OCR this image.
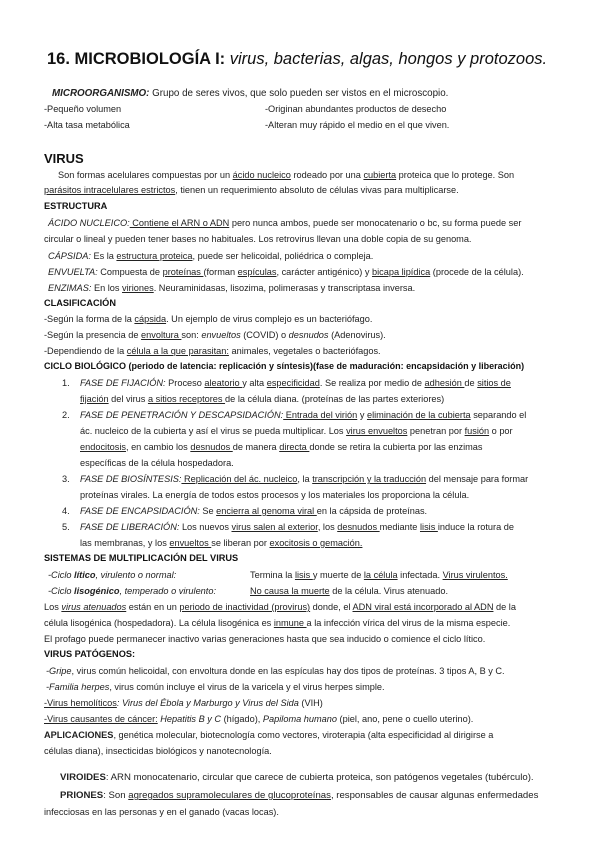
16. MICROBIOLOGÍA I: virus, bacterias, algas, hongos y protozoos.
MICROORGANISMO: Grupo de seres vivos, que solo pueden ser vistos en el microscopio.
-Pequeño volumen	-Originan abundantes productos de desecho
-Alta tasa metabólica	-Alteran muy rápido el medio en el que viven.
VIRUS
Son formas acelulares compuestas por un ácido nucleico rodeado por una cubierta proteica que lo protege. Son
parásitos intracelulares estrictos, tienen un requerimiento absoluto de células vivas para multiplicarse.
ESTRUCTURA
ÁCIDO NUCLEICO: Contiene el ARN o ADN pero nunca ambos, puede ser monocatenario o bc, su forma puede ser
circular o lineal y pueden tener bases no habituales. Los retrovirus llevan una doble copia de su genoma.
CÁPSIDA: Es la estructura proteica, puede ser helicoidal, poliédrica o compleja.
ENVUELTA: Compuesta de proteínas (forman espículas, carácter antigénico) y bicapa lipídica (procede de la célula).
ENZIMAS: En los viriones. Neuraminidasas, lisozima, polimerasas y transcriptasa inversa.
CLASIFICACIÓN
-Según la forma de la cápsida. Un ejemplo de virus complejo es un bacteriófago.
-Según la presencia de envoltura son: envueltos (COVID) o desnudos (Adenovirus).
-Dependiendo de la célula a la que parasitan: animales, vegetales o bacteriófagos.
CICLO BIOLÓGICO (periodo de latencia: replicación y síntesis)(fase de maduración: encapsidación y liberación)
1. FASE DE FIJACIÓN: Proceso aleatorio y alta especificidad. Se realiza por medio de adhesión de sitios de
fijación del virus a sitios receptores de la célula diana. (proteínas de las partes exteriores)
2. FASE DE PENETRACIÓN Y DESCAPSIDACIÓN: Entrada del virión y eliminación de la cubierta separando el
ác. nucleico de la cubierta y así el virus se pueda multiplicar. Los virus envueltos penetran por fusión o por
endocitosis, en cambio los desnudos de manera directa donde se retira la cubierta por las enzimas
específicas de la célula hospedadora.
3. FASE DE BIOSÍNTESIS: Replicación del ác. nucleico, la transcripción y la traducción del mensaje para formar
proteínas virales. La energía de todos estos procesos y los materiales los proporciona la célula.
4. FASE DE ENCAPSIDACIÓN: Se encierra al genoma viral en la cápsida de proteínas.
5. FASE DE LIBERACIÓN: Los nuevos virus salen al exterior, los desnudos mediante lisis induce la rotura de
las membranas, y los envueltos se liberan por exocitosis o gemación.
SISTEMAS DE MULTIPLICACIÓN DEL VIRUS
-Ciclo lítico, virulento o normal:	Termina la lisis y muerte de la célula infectada. Virus virulentos.
-Ciclo lisogénico, temperado o virulento:	No causa la muerte de la célula. Virus atenuado.
Los virus atenuados están en un periodo de inactividad (provirus) donde, el ADN viral está incorporado al ADN de la
célula lisogénica (hospedadora). La célula lisogénica es inmune a la infección vírica del virus de la misma especie.
El profago puede permanecer inactivo varias generaciones hasta que sea inducido o comience el ciclo lítico.
VIRUS PATÓGENOS:
-Gripe, virus común helicoidal, con envoltura donde en las espículas hay dos tipos de proteínas. 3 tipos A, B y C.
-Familia herpes, virus común incluye el virus de la varicela y el virus herpes simple.
-Virus hemolíticos: Virus del Ébola y Marburgo y Virus del Sida (VIH)
-Virus causantes de cáncer: Hepatitis B y C (hígado), Papiloma humano (piel, ano, pene o cuello uterino).
APLICACIONES, genética molecular, biotecnología como vectores, viroterapia (alta especificidad al dirigirse a
células diana), insecticidas biológicos y nanotecnología.
VIROIDES: ARN monocatenario, circular que carece de cubierta proteica, son patógenos vegetales (tubérculo).
PRIONES: Son agregados supramoleculares de glucoproteínas, responsables de causar algunas enfermedades
infecciosas en las personas y en el ganado (vacas locas).
